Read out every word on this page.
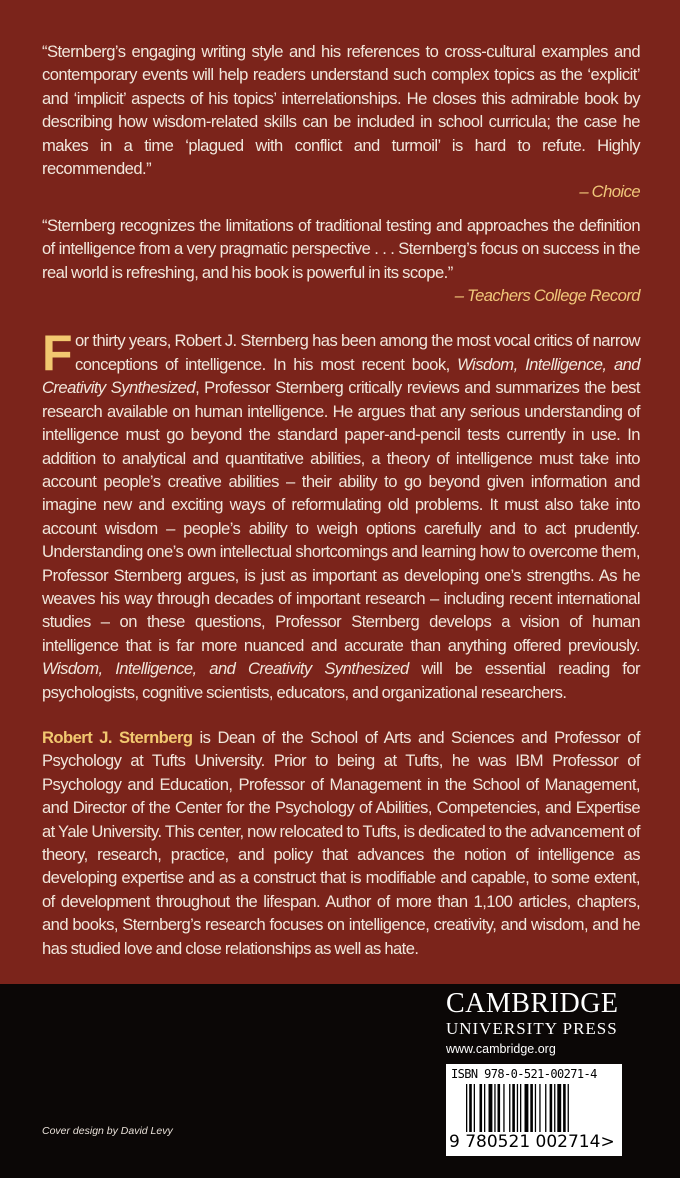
“Sternberg’s engaging writing style and his references to cross-cultural examples and contemporary events will help readers understand such complex topics as the ‘explicit’ and ‘implicit’ aspects of his topics’ interrelationships. He closes this admirable book by describing how wisdom-related skills can be included in school curricula; the case he makes in a time ‘plagued with conflict and turmoil’ is hard to refute. Highly recommended.”
– Choice
“Sternberg recognizes the limitations of traditional testing and approaches the definition of intelligence from a very pragmatic perspective . . . Sternberg’s focus on success in the real world is refreshing, and his book is powerful in its scope.”
– Teachers College Record
For thirty years, Robert J. Sternberg has been among the most vocal critics of narrow conceptions of intelligence. In his most recent book, Wisdom, Intelligence, and Creativity Synthesized, Professor Sternberg critically reviews and summarizes the best research available on human intelligence. He argues that any serious understanding of intelligence must go beyond the standard paper-and-pencil tests currently in use. In addition to analytical and quantitative abilities, a theory of intelligence must take into account people’s creative abilities – their ability to go beyond given information and imagine new and exciting ways of reformulating old problems. It must also take into account wisdom – people’s ability to weigh options carefully and to act prudently. Understanding one’s own intellectual shortcomings and learning how to overcome them, Professor Sternberg argues, is just as important as developing one’s strengths. As he weaves his way through decades of important research – including recent international studies – on these questions, Professor Sternberg develops a vision of human intelligence that is far more nuanced and accurate than anything offered previously. Wisdom, Intelligence, and Creativity Synthesized will be essential reading for psychologists, cognitive scientists, educators, and organizational researchers.
Robert J. Sternberg is Dean of the School of Arts and Sciences and Professor of Psychology at Tufts University. Prior to being at Tufts, he was IBM Professor of Psychology and Education, Professor of Management in the School of Management, and Director of the Center for the Psychology of Abilities, Competencies, and Expertise at Yale University. This center, now relocated to Tufts, is dedicated to the advancement of theory, research, practice, and policy that advances the notion of intelligence as developing expertise and as a construct that is modifiable and capable, to some extent, of development throughout the lifespan. Author of more than 1,100 articles, chapters, and books, Sternberg’s research focuses on intelligence, creativity, and wisdom, and he has studied love and close relationships as well as hate.
CAMBRIDGE
UNIVERSITY PRESS
www.cambridge.org
ISBN 978-0-521-00271-4
9 780521 002714>
Cover design by David Levy
